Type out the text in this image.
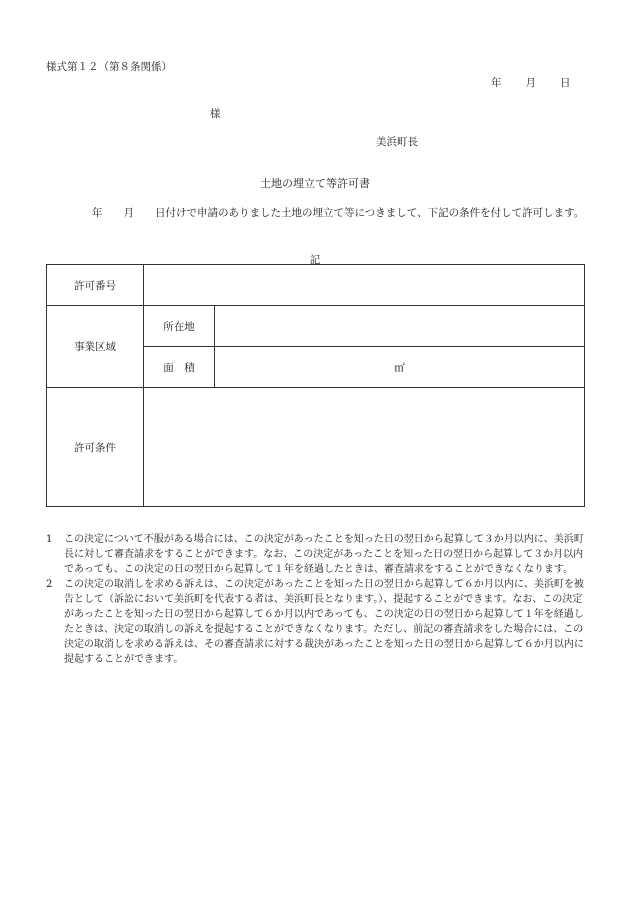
様式第１２（第８条関係）
年 月 日
様
美浜町長
土地の埋立て等許可書
年　　月　　日付けで申請のありました土地の埋立て等につきまして、下記の条件を付して許可します。
記
許可番号		
事業区域	所在地	
	面　積	㎡
許可条件		
1	この決定について不服がある場合には、この決定があったことを知った日の翌日から起算して３か月以内に、美浜町長に対して審査請求をすることができます。なお、この決定があったことを知った日の翌日から起算して３か月以内であっても、この決定の日の翌日から起算して１年を経過したときは、審査請求をすることができなくなります。
2	この決定の取消しを求める訴えは、この決定があったことを知った日の翌日から起算して６か月以内に、美浜町を被告として（訴訟において美浜町を代表する者は、美浜町長となります。）、提起することができます。なお、この決定があったことを知った日の翌日から起算して６か月以内であっても、この決定の日の翌日から起算して１年を経過したときは、決定の取消しの訴えを提起することができなくなります。ただし、前記の審査請求をした場合には、この決定の取消しを求める訴えは、その審査請求に対する裁決があったことを知った日の翌日から起算して６か月以内に提起することができます。
